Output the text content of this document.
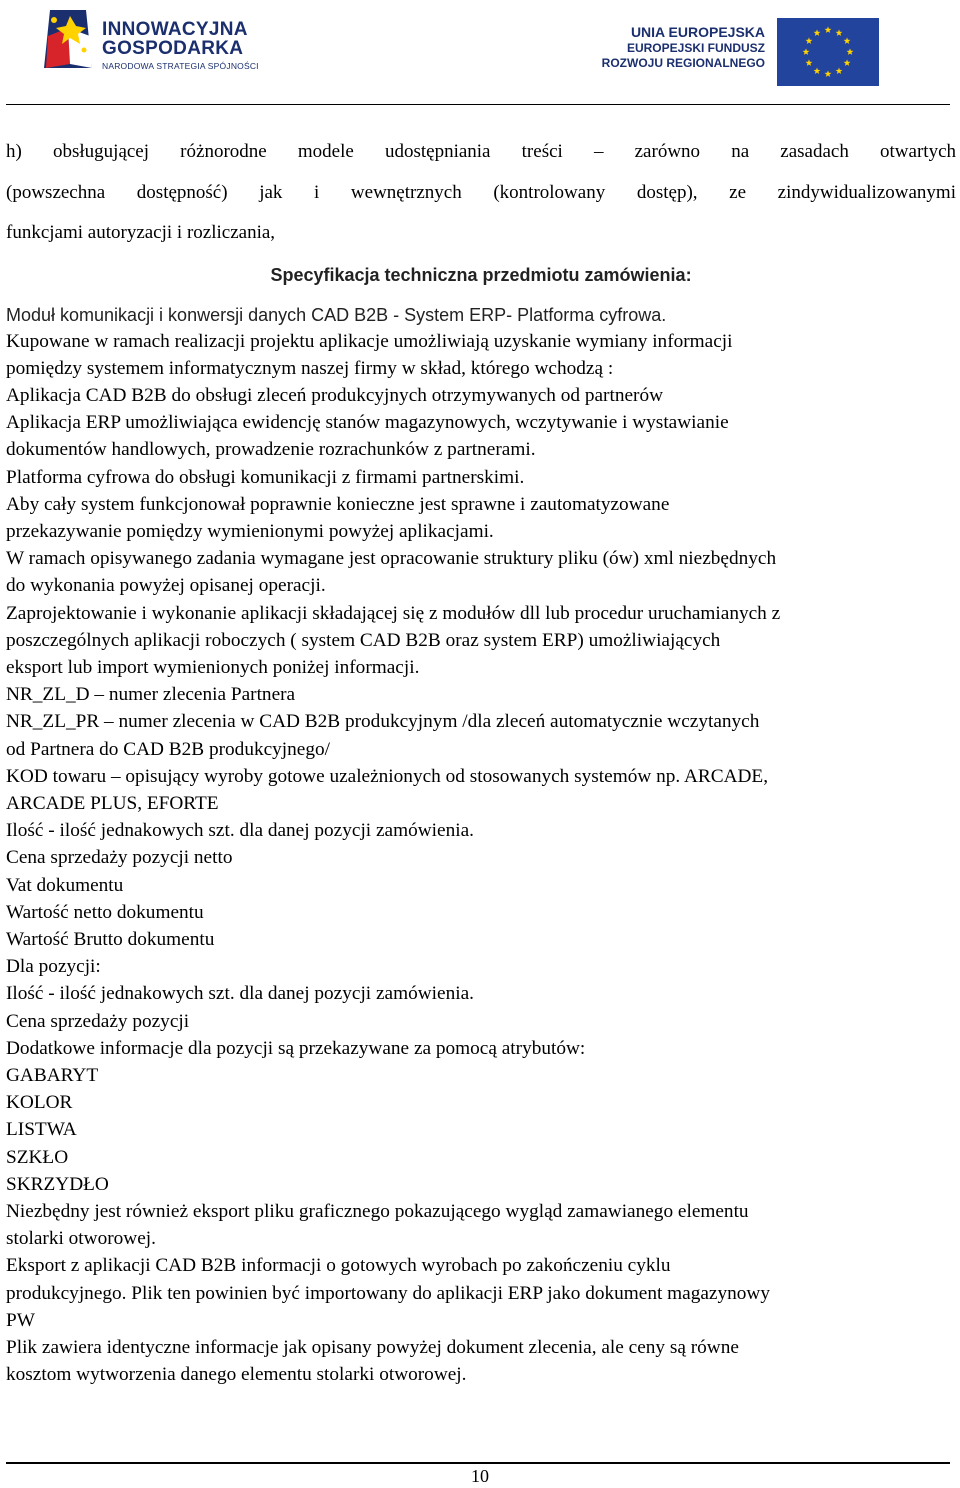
INNOWACYJNA
GOSPODARKA
NARODOWA STRATEGIA SPÓJNOŚCI
UNIA EUROPEJSKA
EUROPEJSKI FUNDUSZ
ROZWOJU REGIONALNEGO
h) obsługującej różnorodne modele udostępniania treści – zarówno na zasadach otwartych
(powszechna dostępność) jak i wewnętrznych (kontrolowany dostęp), ze zindywidualizowanymi
funkcjami autoryzacji i rozliczania,
Specyfikacja techniczna przedmiotu zamówienia:
Moduł komunikacji i konwersji danych CAD B2B - System ERP- Platforma cyfrowa.

Kupowane w ramach realizacji projektu aplikacje umożliwiają uzyskanie wymiany informacji

pomiędzy systemem informatycznym naszej firmy w skład, którego wchodzą :

Aplikacja CAD B2B do obsługi zleceń produkcyjnych otrzymywanych od partnerów

Aplikacja ERP umożliwiająca ewidencję stanów magazynowych, wczytywanie i wystawianie

dokumentów handlowych, prowadzenie rozrachunków z partnerami.

Platforma cyfrowa do obsługi komunikacji z firmami partnerskimi.

Aby cały system funkcjonował poprawnie konieczne jest sprawne i zautomatyzowane

przekazywanie pomiędzy wymienionymi powyżej aplikacjami.

W ramach opisywanego zadania wymagane jest opracowanie struktury pliku (ów) xml niezbędnych

do wykonania powyżej opisanej operacji.

Zaprojektowanie i wykonanie aplikacji składającej się z modułów dll lub procedur uruchamianych z

poszczególnych aplikacji roboczych ( system CAD B2B oraz system ERP) umożliwiających

eksport lub import wymienionych poniżej informacji.

NR_ZL_D – numer zlecenia Partnera

NR_ZL_PR – numer zlecenia w CAD B2B produkcyjnym /dla zleceń automatycznie wczytanych

od Partnera do CAD B2B produkcyjnego/

KOD towaru – opisujący wyroby gotowe uzależnionych od stosowanych systemów np. ARCADE,

ARCADE PLUS, EFORTE

Ilość - ilość jednakowych szt. dla danej pozycji zamówienia.

Cena sprzedaży pozycji netto

Vat dokumentu

Wartość netto dokumentu

Wartość Brutto dokumentu

Dla pozycji:

Ilość - ilość jednakowych szt. dla danej pozycji zamówienia.

Cena sprzedaży pozycji

Dodatkowe informacje dla pozycji są przekazywane za pomocą atrybutów:

GABARYT

KOLOR

LISTWA

SZKŁO

SKRZYDŁO

Niezbędny jest również eksport pliku graficznego pokazującego wygląd zamawianego elementu

stolarki otworowej.

Eksport z aplikacji CAD B2B informacji o gotowych wyrobach po zakończeniu cyklu

produkcyjnego. Plik ten powinien być importowany do aplikacji ERP jako dokument magazynowy

PW

Plik zawiera identyczne informacje jak opisany powyżej dokument zlecenia, ale ceny są równe

kosztom wytworzenia danego elementu stolarki otworowej.

10
